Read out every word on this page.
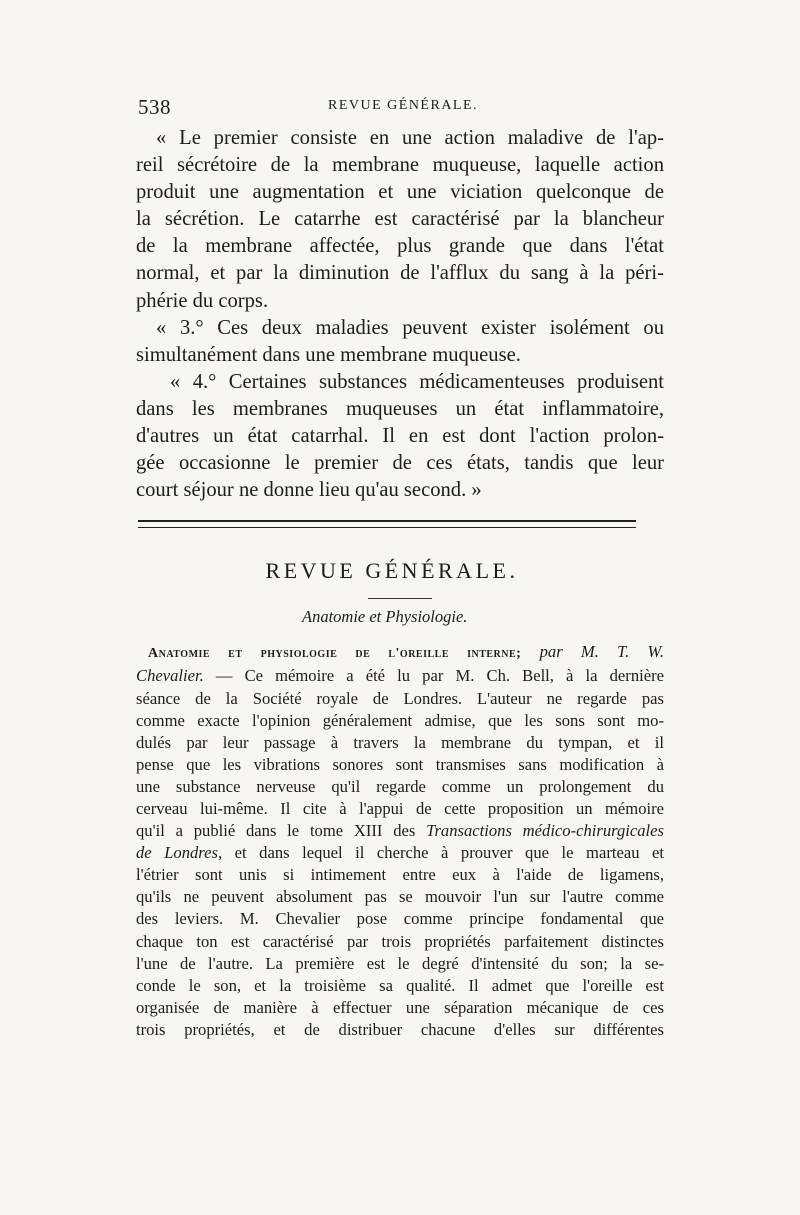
538	REVUE GÉNÉRALE.

« Le premier consiste en une action maladive de l'ap-

reil sécrétoire de la membrane muqueuse, laquelle action

produit une augmentation et une viciation quelconque de

la sécrétion. Le catarrhe est caractérisé par la blancheur

de la membrane affectée, plus grande que dans l'état

normal, et par la diminution de l'afflux du sang à la péri-

phérie du corps.

« 3.° Ces deux maladies peuvent exister isolément ou

simultanément dans une membrane muqueuse.

« 4.° Certaines substances médicamenteuses produisent

dans les membranes muqueuses un état inflammatoire,

d'autres un état catarrhal. Il en est dont l'action prolon-

gée occasionne le premier de ces états, tandis que leur

court séjour ne donne lieu qu'au second. »

REVUE GÉNÉRALE.
Anatomie et Physiologie.

Anatomie et physiologie de l'oreille interne; par M. T. W.

Chevalier. — Ce mémoire a été lu par M. Ch. Bell, à la dernière

séance de la Société royale de Londres. L'auteur ne regarde pas

comme exacte l'opinion généralement admise, que les sons sont mo-

dulés par leur passage à travers la membrane du tympan, et il

pense que les vibrations sonores sont transmises sans modification à

une substance nerveuse qu'il regarde comme un prolongement du

cerveau lui-même. Il cite à l'appui de cette proposition un mémoire

qu'il a publié dans le tome XIII des Transactions médico-chirurgicales

de Londres, et dans lequel il cherche à prouver que le marteau et

l'étrier sont unis si intimement entre eux à l'aide de ligamens,

qu'ils ne peuvent absolument pas se mouvoir l'un sur l'autre comme

des leviers. M. Chevalier pose comme principe fondamental que

chaque ton est caractérisé par trois propriétés parfaitement distinctes

l'une de l'autre. La première est le degré d'intensité du son; la se-

conde le son, et la troisième sa qualité. Il admet que l'oreille est

organisée de manière à effectuer une séparation mécanique de ces

trois propriétés, et de distribuer chacune d'elles sur différentes
